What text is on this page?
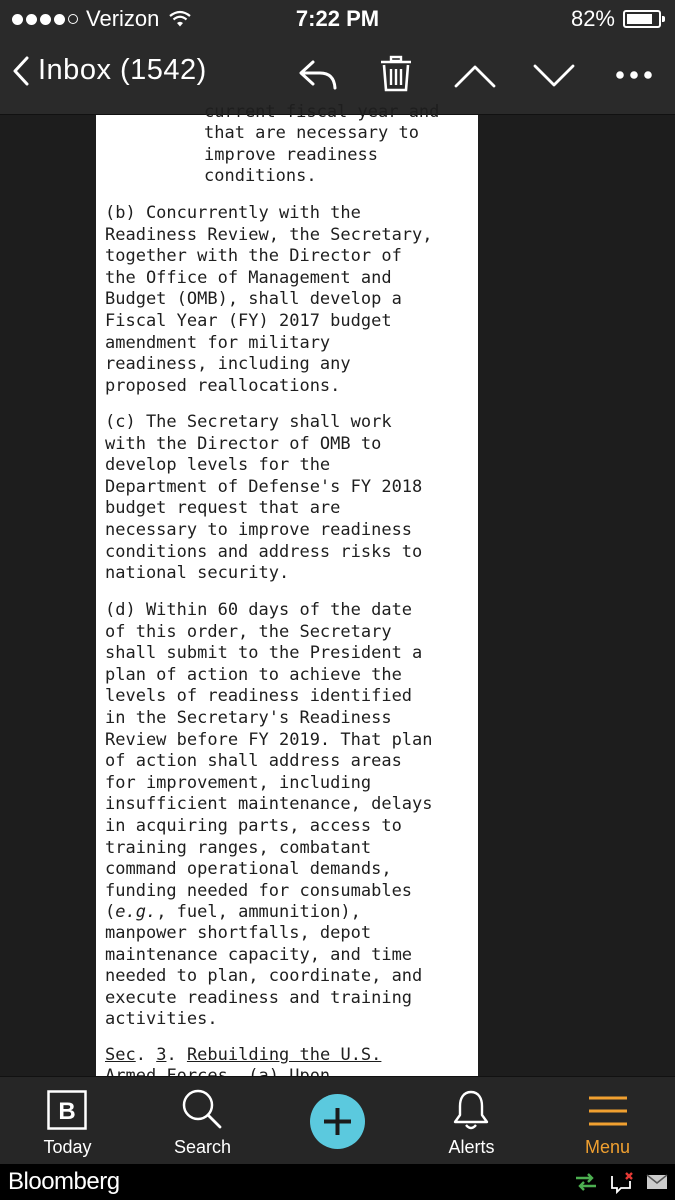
Verizon	7:22 PM	82%
Inbox (1542)
current fiscal year and
that are necessary to
improve readiness
conditions.
(b) Concurrently with the
Readiness Review, the Secretary,
together with the Director of
the Office of Management and
Budget (OMB), shall develop a
Fiscal Year (FY) 2017 budget
amendment for military
readiness, including any
proposed reallocations.
(c) The Secretary shall work
with the Director of OMB to
develop levels for the
Department of Defense's FY 2018
budget request that are
necessary to improve readiness
conditions and address risks to
national security.
(d) Within 60 days of the date
of this order, the Secretary
shall submit to the President a
plan of action to achieve the
levels of readiness identified
in the Secretary's Readiness
Review before FY 2019. That plan
of action shall address areas
for improvement, including
insufficient maintenance, delays
in acquiring parts, access to
training ranges, combatant
command operational demands,
funding needed for consumables
(e.g., fuel, ammunition),
manpower shortfalls, depot
maintenance capacity, and time
needed to plan, coordinate, and
execute readiness and training
activities.
Sec. 3. Rebuilding the U.S.
B
Today	Search	Alerts	Menu
Bloomberg
